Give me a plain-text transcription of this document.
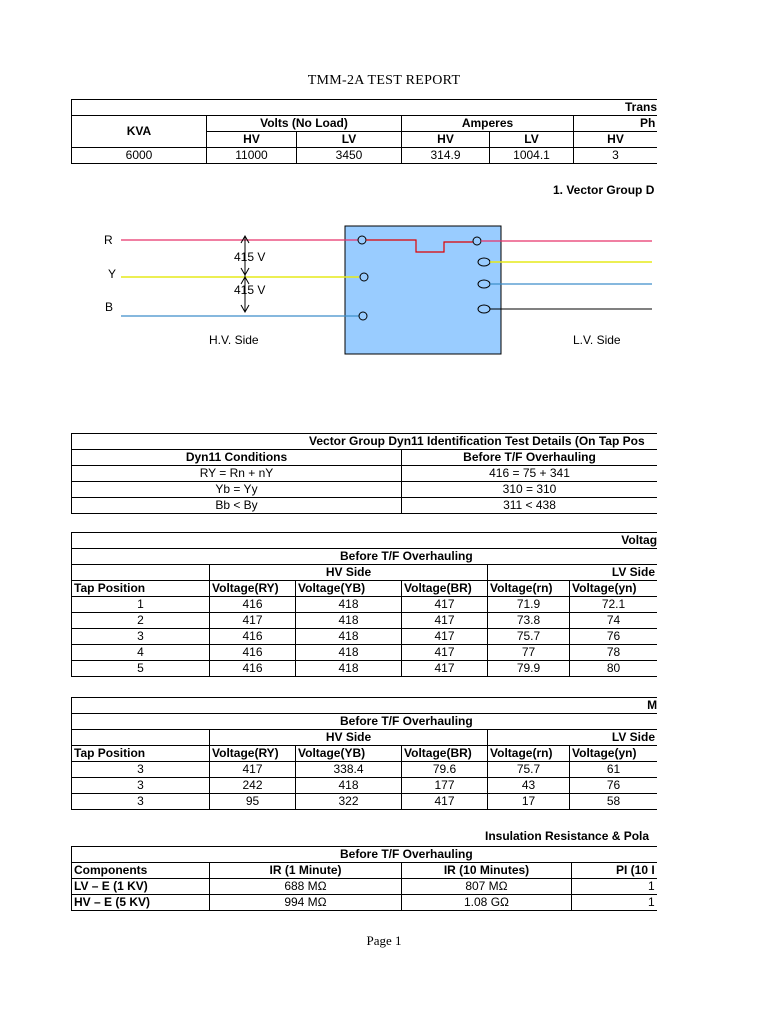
TMM-2A TEST REPORT
Trans						
KVA	Volts (No Load)		Amperes		Ph	
	HV	LV	HV	LV	HV	
6000	11000	3450	314.9	1004.1	3	
1. Vector Group D
R
Y
B
415 V
415 V
H.V. Side	L.V. Side
Vector Group Dyn11 Identification Test Details (On Tap Pos		
Dyn11 Conditions	Before T/F Overhauling	
RY = Rn + nY	416 = 75 + 341	
Yb = Yy	310 = 310	
Bb < By	311 < 438	
Voltag						
Before T/F Overhauling						
	HV Side			LV Side		
Tap Position	Voltage(RY)	Voltage(YB)	Voltage(BR)	Voltage(rn)	Voltage(yn)	
1	416	418	417	71.9	72.1	
2	417	418	417	73.8	74	
3	416	418	417	75.7	76	
4	416	418	417	77	78	
5	416	418	417	79.9	80	
M						
Before T/F Overhauling						
	HV Side			LV Side		
Tap Position	Voltage(RY)	Voltage(YB)	Voltage(BR)	Voltage(rn)	Voltage(yn)	
3	417	338.4	79.6	75.7	61	
3	242	418	177	43	76	
3	95	322	417	17	58	
Insulation Resistance & Pola
Before T/F Overhauling			
Components	IR (1 Minute)	IR (10 Minutes)	PI (10 I
LV – E (1 KV)	688 MΩ	807 MΩ	1
HV – E (5 KV)	994 MΩ	1.08 GΩ	1
Page 1
